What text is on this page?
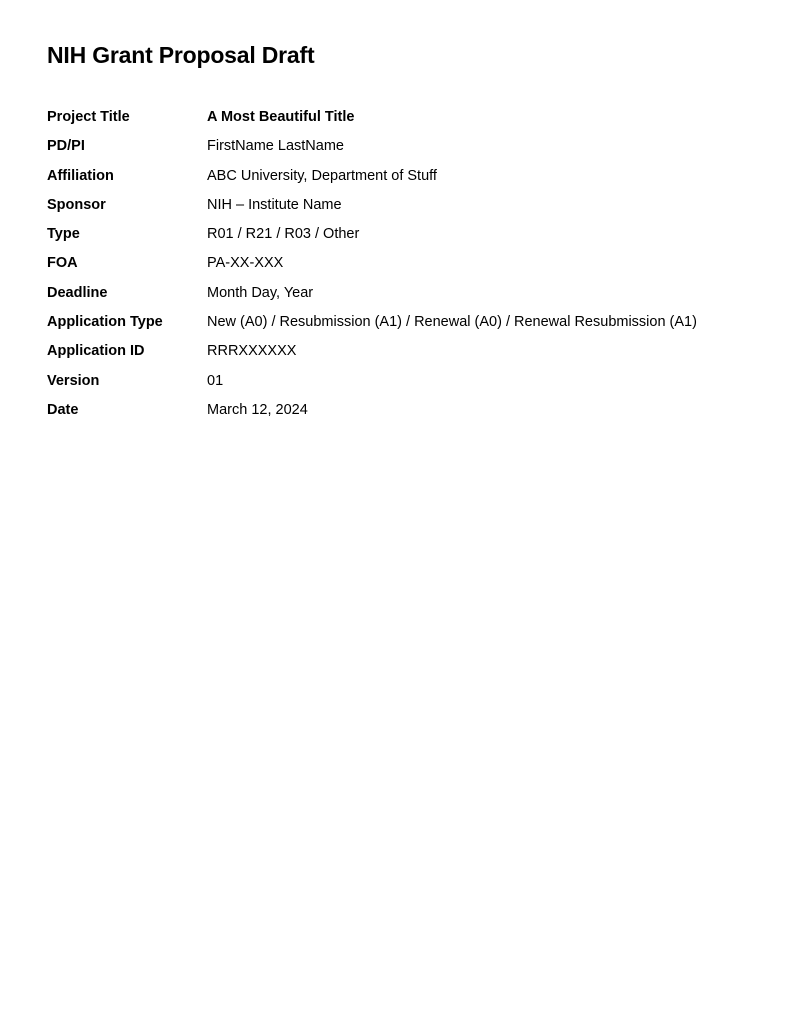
NIH Grant Proposal Draft
Project Title	A Most Beautiful Title
PD/PI	FirstName LastName
Affiliation	ABC University, Department of Stuff
Sponsor	NIH – Institute Name
Type	R01 / R21 / R03 / Other
FOA	PA-XX-XXX
Deadline	Month Day, Year
Application Type	New (A0) / Resubmission (A1) / Renewal (A0) / Renewal Resubmission (A1)
Application ID	RRRXXXXXX
Version	01
Date	March 12, 2024
